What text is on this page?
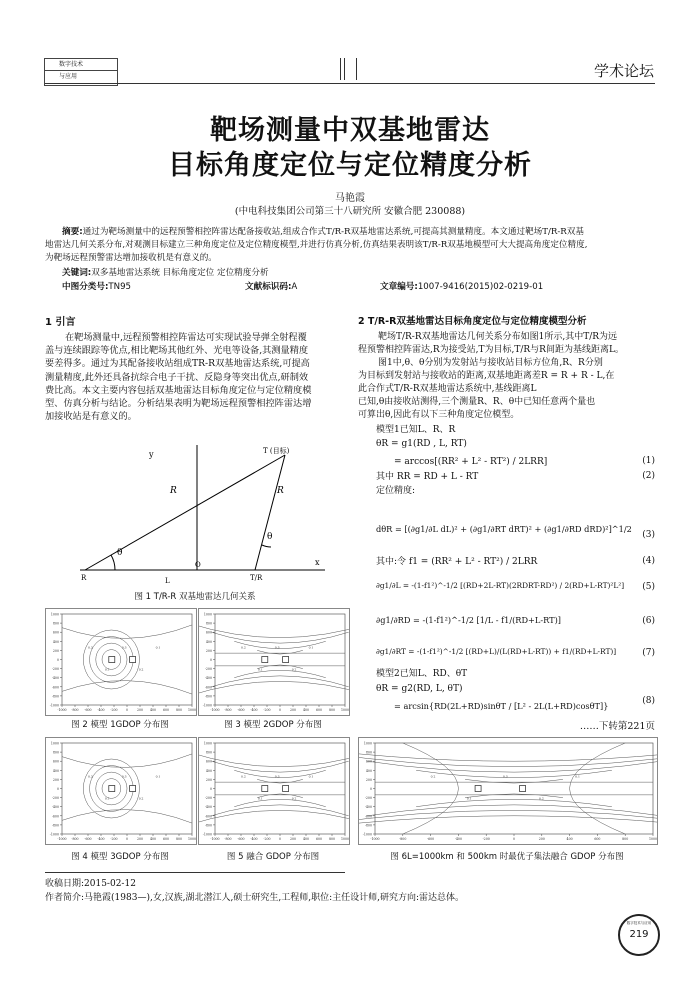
数字技术
与应用	学术论坛
靶场测量中双基地雷达
目标角度定位与定位精度分析
马艳霞
(中电科技集团公司第三十八研究所 安徽合肥 230088)
摘要:通过为靶场测量中的远程预警相控阵雷达配备接收站,组成合作式T/R-R双基地雷达系统,可提高其测量精度。本文通过靶场T/R-R双基
地雷达几何关系分布,对观测目标建立三种角度定位及定位精度模型,并进行仿真分析,仿真结果表明该T/R-R双基地模型可大大提高角度定位精度,
为靶场远程预警雷达增加接收机是有意义的。
关键词:双多基地雷达系统 目标角度定位 定位精度分析
中图分类号:TN95	文献标识码:A	文章编号:1007-9416(2015)02-0219-01
1 引言
在靶场测量中,远程预警相控阵雷达可实现试验导弹全射程覆
盖与连续跟踪等优点,相比靶场其他红外、光电等设备,其测量精度
要差得多。通过为其配备接收站组成TR-R双基地雷达系统,可提高
测量精度,此外还具备抗综合电子干扰、反隐身等突出优点,研制效
费比高。本文主要内容包括双基地雷达目标角度定位与定位精度模
型、仿真分析与结论。分析结果表明为靶场远程预警相控阵雷达增
加接收站是有意义的。
y
x
T (目标)
R	R
θ
θ
R
O
T/R
L
图 1 T/R-R 双基地雷达几何关系
1000
800
600
400
200
0
-200
-400
-600
-800
-1000
-1000 -800 -600 -400 -200	0	200 400 600 800 1000
0.2
0.1
0.3
0.2
0.1
1000
800
600
400
200
0
-200
-400
-600
-800
-1000
-1000 -800 -600 -400 -200	0	200 400 600 800 1000
0.2
0.1
0.3
0.2
0.1
图 2 模型 1GDOP 分布图	图 3 模型 2GDOP 分布图
1000
800
600
400
200
0
-200
-400
-600
-800
-1000
-1000 -800 -600 -400 -200	0	200 400 600 800 1000
0.2
0.1
0.3
0.2
0.1
1000
800
600
400
200
0
-200
-400
-600
-800
-1000
-1000 -800 -600 -400 -200	0	200 400 600 800 1000
0.2
0.1
0.3
0.2
0.1
1000
800
600
400
200
0
-200
-400
-600
-800
-1000
-1000	-800	-600	-400	-200	0	200	400	600	800	1000
0.2
0.1
0.3
0.2
0.1
图 4 模型 3GDOP 分布图	图 5 融合 GDOP 分布图	图 6L=1000km 和 500km 时最优子集法融合 GDOP 分布图
2 T/R-R双基地雷达目标角度定位与定位精度模型分析
靶场T/R-R双基地雷达几何关系分布如图1所示,其中T/R为远
程预警相控阵雷达,R为接受站,T为目标,T/R与R间距为基线距离L。
图1中,θ、θ分别为发射站与接收站目标方位角,R、R分别
为目标到发射站与接收站的距离,双基地距离差R = R + R - L,在
此合作式T/R-R双基地雷达系统中,基线距离L
已知,θ由接收站测得,三个测量R、R、θ中已知任意两个量也
可算出θ,因此有以下三种角度定位模型。
模型1已知L、R、R
θR = g1(RD , L, RT)
= arccos[(RR² + L² - RT²) / 2LRR]	(1)
其中 RR = RD + L - RT	(2)
定位精度:
dθR = [(∂g1/∂L dL)² + (∂g1/∂RT dRT)² + (∂g1/∂RD dRD)²]^1/2
(3)
其中:令 f1 = (RR² + L² - RT²) / 2LRR	(4)
∂g1/∂L = -(1-f1²)^-1/2 [(RD+2L-RT)(2RDRT-RD²) / 2(RD+L-RT)²L²] (5)
∂g1/∂RD = -(1-f1²)^-1/2 [1/L - f1/(RD+L-RT)]	(6)
∂g1/∂RT = -(1-f1²)^-1/2 [(RD+L)/(L(RD+L-RT)) + f1/(RD+L-RT)]	(7)
模型2已知L、RD、θT
θR = g2(RD, L, θT)
= arcsin{RD(2L+RD)sinθT / [L² - 2L(L+RD)cosθT]}	(8)
……下转第221页
收稿日期:2015-02-12
作者简介:马艳霞(1983—),女,汉族,湖北潜江人,硕士研究生,工程师,职位:主任设计师,研究方向:雷达总体。
数字技术与应用
219
